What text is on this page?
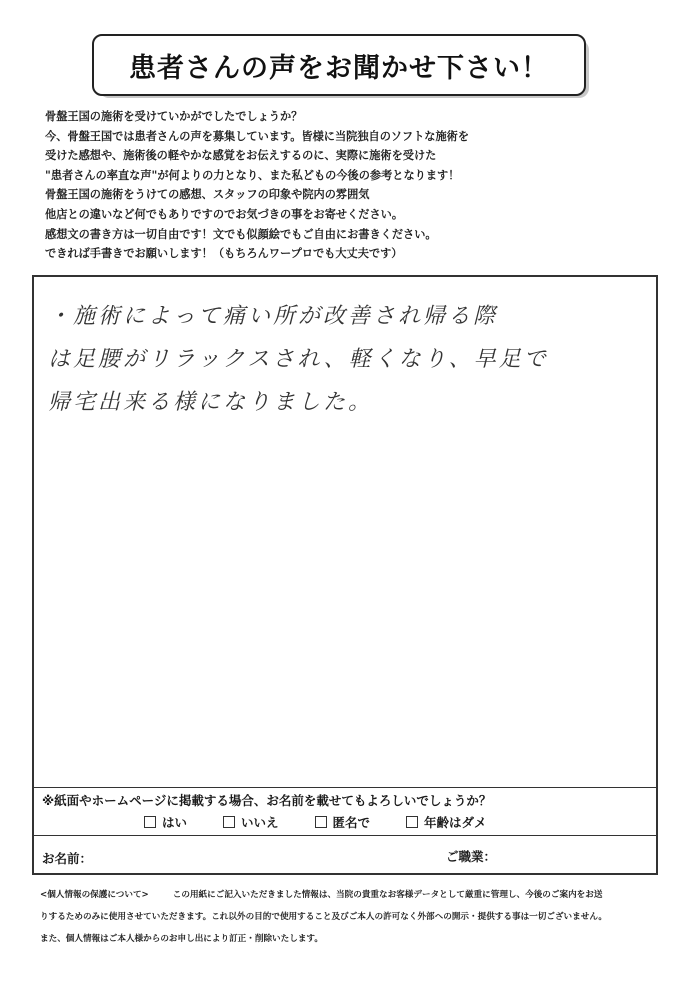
患者さんの声をお聞かせ下さい！
骨盤王国の施術を受けていかがでしたでしょうか？
今、骨盤王国では患者さんの声を募集しています。皆様に当院独自のソフトな施術を
受けた感想や、施術後の軽やかな感覚をお伝えするのに、実際に施術を受けた
"患者さんの率直な声"が何よりの力となり、また私どもの今後の参考となります！
骨盤王国の施術をうけての感想、スタッフの印象や院内の雰囲気
他店との違いなど何でもありですのでお気づきの事をお寄せください。
感想文の書き方は一切自由です！文でも似顔絵でもご自由にお書きください。
できれば手書きでお願いします！（もちろんワープロでも大丈夫です）
・施術によって痛い所が改善され帰る際
は足腰がリラックスされ、軽くなり、早足で
帰宅出来る様になりました。
※紙面やホームページに掲載する場合、お名前を載せてもよろしいでしょうか？
はい	いいえ	匿名で	年齢はダメ
お名前：	ご職業：
<個人情報の保護について>	この用紙にご記入いただきました情報は、当院の貴重なお客様データとして厳重に管理し、今後のご案内をお送
りするためのみに使用させていただきます。これ以外の目的で使用すること及びご本人の許可なく外部への開示・提供する事は一切ございません。
また、個人情報はご本人様からのお申し出により訂正・削除いたします。
